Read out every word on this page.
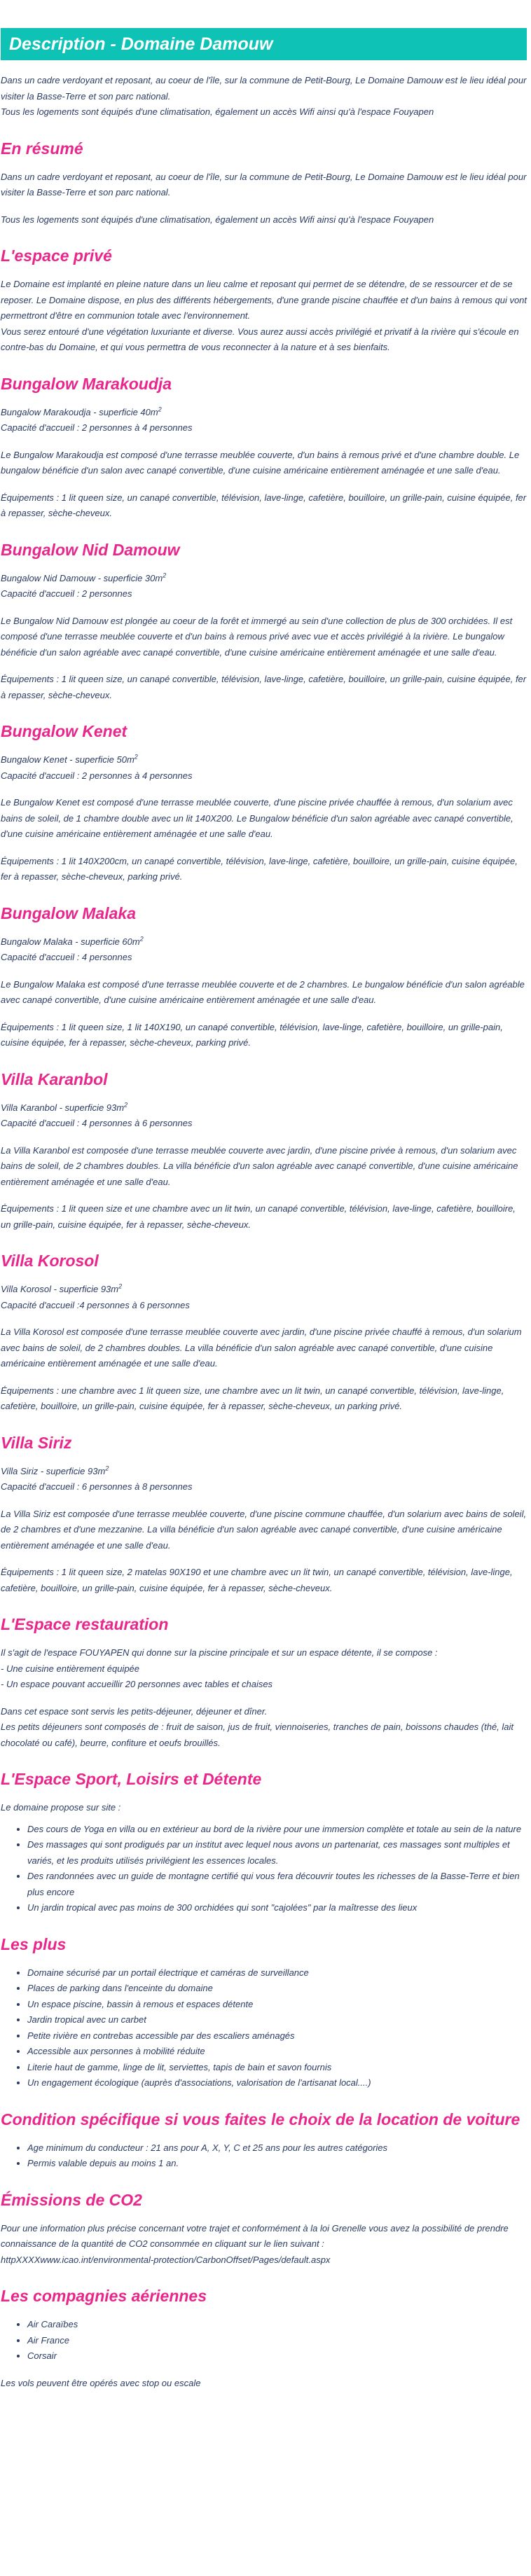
Description - Domaine Damouw

Dans un cadre verdoyant et reposant, au coeur de l'île, sur la commune de Petit-Bourg, Le Domaine Damouw est le lieu idéal pour visiter la Basse-Terre et son parc national.
Tous les logements sont équipés d'une climatisation, également un accès Wifi ainsi qu'à l'espace Fouyapen

En résumé

Dans un cadre verdoyant et reposant, au coeur de l'île, sur la commune de Petit-Bourg, Le Domaine Damouw est le lieu idéal pour visiter la Basse-Terre et son parc national.

Tous les logements sont équipés d'une climatisation, également un accès Wifi ainsi qu'à l'espace Fouyapen

L'espace privé

Le Domaine est implanté en pleine nature dans un lieu calme et reposant qui permet de se détendre, de se ressourcer et de se reposer. Le Domaine dispose, en plus des différents hébergements, d'une grande piscine chauffée et d'un bains à remous qui vont permettront d'être en communion totale avec l'environnement.
Vous serez entouré d'une végétation luxuriante et diverse. Vous aurez aussi accès privilégié et privatif à la rivière qui s'écoule en contre-bas du Domaine, et qui vous permettra de vous reconnecter à la nature et à ses bienfaits.

Bungalow Marakoudja

Bungalow Marakoudja - superficie $40m^2$
Capacité d'accueil : 2 personnes à 4 personnes

Le Bungalow Marakoudja est composé d'une terrasse meublée couverte, d'un bains à remous privé et d'une chambre double. Le bungalow bénéficie d'un salon avec canapé convertible, d'une cuisine américaine entièrement aménagée et une salle d'eau.

Équipements : 1 lit queen size, un canapé convertible, télévision, lave-linge, cafetière, bouilloire, un grille-pain, cuisine équipée, fer à repasser, sèche-cheveux.

Bungalow Nid Damouw

Bungalow Nid Damouw - superficie $30m^2$
Capacité d'accueil : 2 personnes

Le Bungalow Nid Damouw est plongée au coeur de la forêt et immergé au sein d'une collection de plus de 300 orchidées. Il est composé d'une terrasse meublée couverte et d'un bains à remous privé avec vue et accès privilégié à la rivière. Le bungalow bénéficie d'un salon agréable avec canapé convertible, d'une cuisine américaine entièrement aménagée et une salle d'eau.

Équipements : 1 lit queen size, un canapé convertible, télévision, lave-linge, cafetière, bouilloire, un grille-pain, cuisine équipée, fer à repasser, sèche-cheveux.

Bungalow Kenet

Bungalow Kenet - superficie $50m^2$
Capacité d'accueil : 2 personnes à 4 personnes

Le Bungalow Kenet est composé d'une terrasse meublée couverte, d'une piscine privée chauffée à remous, d'un solarium avec bains de soleil, de 1 chambre double avec un lit 140X200. Le Bungalow bénéficie d'un salon agréable avec canapé convertible, d'une cuisine américaine entièrement aménagée et une salle d'eau.

Équipements : 1 lit 140X200cm, un canapé convertible, télévision, lave-linge, cafetière, bouilloire, un grille-pain, cuisine équipée, fer à repasser, sèche-cheveux, parking privé.

Bungalow Malaka

Bungalow Malaka - superficie $60m^2$
Capacité d'accueil : 4 personnes

Le Bungalow Malaka est composé d'une terrasse meublée couverte et de 2 chambres. Le bungalow bénéficie d'un salon agréable avec canapé convertible, d'une cuisine américaine entièrement aménagée et une salle d'eau.

Équipements : 1 lit queen size, 1 lit 140X190, un canapé convertible, télévision, lave-linge, cafetière, bouilloire, un grille-pain, cuisine équipée, fer à repasser, sèche-cheveux, parking privé.

Villa Karanbol

Villa Karanbol - superficie $93m^2$
Capacité d'accueil : 4 personnes à 6 personnes

La Villa Karanbol est composée d'une terrasse meublée couverte avec jardin, d'une piscine privée à remous, d'un solarium avec bains de soleil, de 2 chambres doubles. La villa bénéficie d'un salon agréable avec canapé convertible, d'une cuisine américaine entièrement aménagée et une salle d'eau.

Équipements : 1 lit queen size et une chambre avec un lit twin, un canapé convertible, télévision, lave-linge, cafetière, bouilloire, un grille-pain, cuisine équipée, fer à repasser, sèche-cheveux.

Villa Korosol

Villa Korosol - superficie $93m^2$
Capacité d'accueil :4 personnes à 6 personnes

La Villa Korosol est composée d'une terrasse meublée couverte avec jardin, d'une piscine privée chauffé à remous, d'un solarium avec bains de soleil, de 2 chambres doubles. La villa bénéficie d'un salon agréable avec canapé convertible, d'une cuisine américaine entièrement aménagée et une salle d'eau.

Équipements : une chambre avec 1 lit queen size, une chambre avec un lit twin, un canapé convertible, télévision, lave-linge, cafetière, bouilloire, un grille-pain, cuisine équipée, fer à repasser, sèche-cheveux, un parking privé.

Villa Siriz

Villa Siriz - superficie $93m^2$
Capacité d'accueil : 6 personnes à 8 personnes

La Villa Siriz est composée d'une terrasse meublée couverte, d'une piscine commune chauffée, d'un solarium avec bains de soleil, de 2 chambres et d'une mezzanine. La villa bénéficie d'un salon agréable avec canapé convertible, d'une cuisine américaine entièrement aménagée et une salle d'eau.

Équipements : 1 lit queen size, 2 matelas 90X190 et une chambre avec un lit twin, un canapé convertible, télévision, lave-linge, cafetière, bouilloire, un grille-pain, cuisine équipée, fer à repasser, sèche-cheveux.

L'Espace restauration

Il s'agit de l'espace FOUYAPEN qui donne sur la piscine principale et sur un espace détente, il se compose :
- Une cuisine entièrement équipée
- Un espace pouvant accueillir 20 personnes avec tables et chaises

Dans cet espace sont servis les petits-déjeuner, déjeuner et dîner.
Les petits déjeuners sont composés de : fruit de saison, jus de fruit, viennoiseries, tranches de pain, boissons chaudes (thé, lait chocolaté ou café), beurre, confiture et oeufs brouillés.

L'Espace Sport, Loisirs et Détente

Le domaine propose sur site :

• Des cours de Yoga en villa ou en extérieur au bord de la rivière pour une immersion complète et totale au sein de la nature
• Des massages qui sont prodigués par un institut avec lequel nous avons un partenariat, ces massages sont multiples et variés, et les produits utilisés privilégient les essences locales.
• Des randonnées avec un guide de montagne certifié qui vous fera découvrir toutes les richesses de la Basse-Terre et bien plus encore
• Un jardin tropical avec pas moins de 300 orchidées qui sont "cajolées" par la maîtresse des lieux
Les plus
• Domaine sécurisé par un portail électrique et caméras de surveillance
• Places de parking dans l'enceinte du domaine
• Un espace piscine, bassin à remous et espaces détente
• Jardin tropical avec un carbet
• Petite rivière en contrebas accessible par des escaliers aménagés
• Accessible aux personnes à mobilité réduite
• Literie haut de gamme, linge de lit, serviettes, tapis de bain et savon fournis
• Un engagement écologique (auprès d'associations, valorisation de l'artisanat local....)
Condition spécifique si vous faites le choix de la location de voiture
• Age minimum du conducteur : 21 ans pour A, X, Y, C et 25 ans pour les autres catégories
• Permis valable depuis au moins 1 an.
Émissions de CO2

Pour une information plus précise concernant votre trajet et conformément à la loi Grenelle vous avez la possibilité de prendre connaissance de la quantité de CO2 consommée en cliquant sur le lien suivant :
httpXXXXwww.icao.int/environmental-protection/CarbonOffset/Pages/default.aspx

Les compagnies aériennes
• Air Caraïbes
• Air France
• Corsair

Les vols peuvent être opérés avec stop ou escale
